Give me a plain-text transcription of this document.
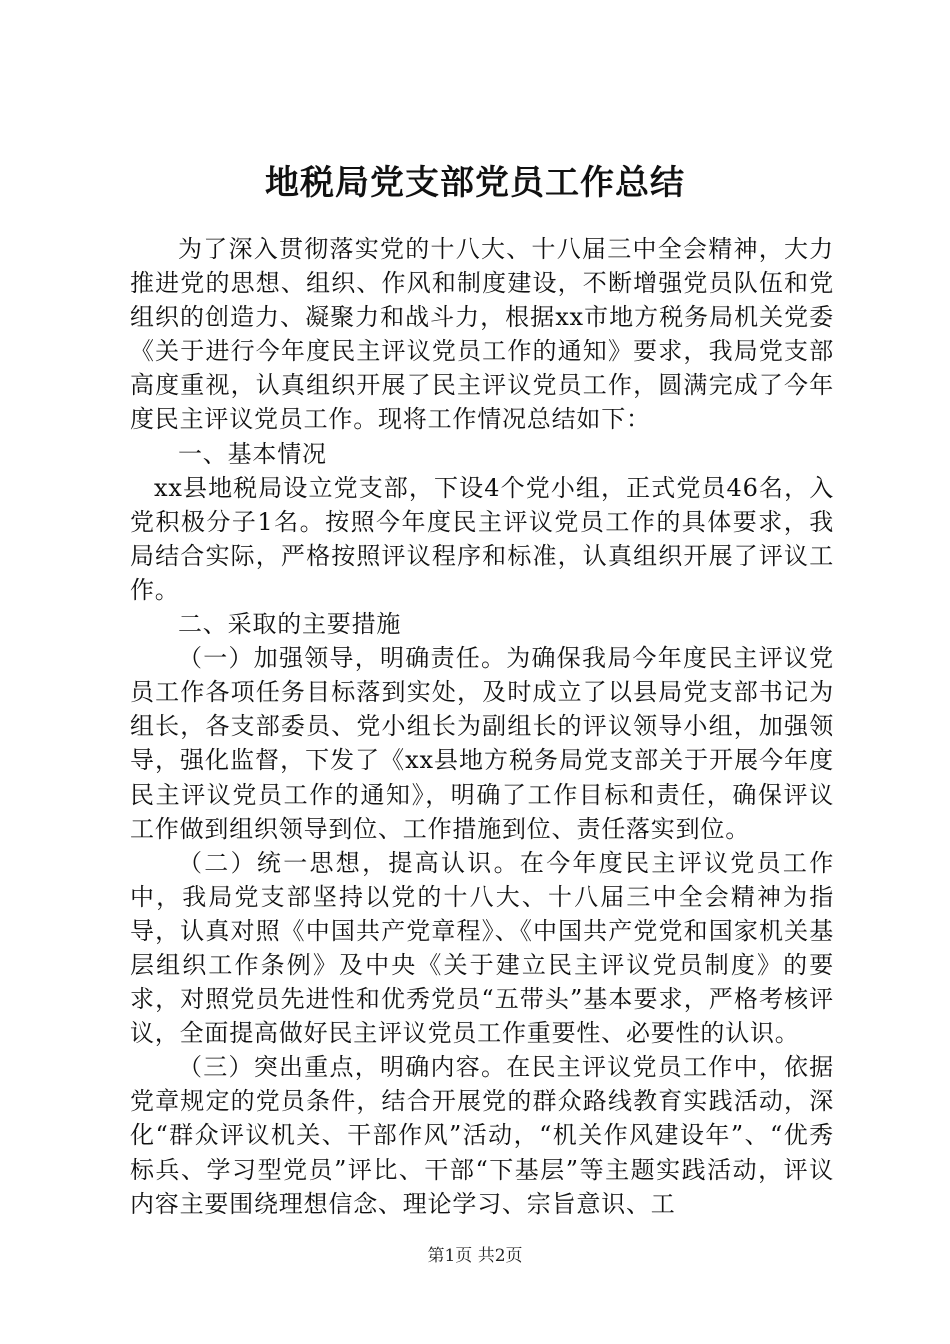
地税局党支部党员工作总结

为了深入贯彻落实党的十八大、十八届三中全会精神，大力推进党的思想、组织、作风和制度建设，不断增强党员队伍和党组织的创造力、凝聚力和战斗力，根据xx市地方税务局机关党委《关于进行今年度民主评议党员工作的通知》要求，我局党支部高度重视，认真组织开展了民主评议党员工作，圆满完成了今年度民主评议党员工作。现将工作情况总结如下：

一、基本情况

xx县地税局设立党支部，下设4个党小组，正式党员46名，入党积极分子1名。按照今年度民主评议党员工作的具体要求，我局结合实际，严格按照评议程序和标准，认真组织开展了评议工作。

二、采取的主要措施

（一）加强领导，明确责任。为确保我局今年度民主评议党员工作各项任务目标落到实处，及时成立了以县局党支部书记为组长，各支部委员、党小组长为副组长的评议领导小组，加强领导，强化监督，下发了《xx县地方税务局党支部关于开展今年度民主评议党员工作的通知》，明确了工作目标和责任，确保评议工作做到组织领导到位、工作措施到位、责任落实到位。

（二）统一思想，提高认识。在今年度民主评议党员工作中，我局党支部坚持以党的十八大、十八届三中全会精神为指导，认真对照《中国共产党章程》、《中国共产党党和国家机关基层组织工作条例》及中央《关于建立民主评议党员制度》的要求，对照党员先进性和优秀党员“五带头”基本要求，严格考核评议，全面提高做好民主评议党员工作重要性、必要性的认识。

（三）突出重点，明确内容。在民主评议党员工作中，依据党章规定的党员条件，结合开展党的群众路线教育实践活动，深化“群众评议机关、干部作风”活动，“机关作风建设年”、“优秀标兵、学习型党员”评比、干部“下基层”等主题实践活动，评议内容主要围绕理想信念、理论学习、宗旨意识、工

第1页 共2页
